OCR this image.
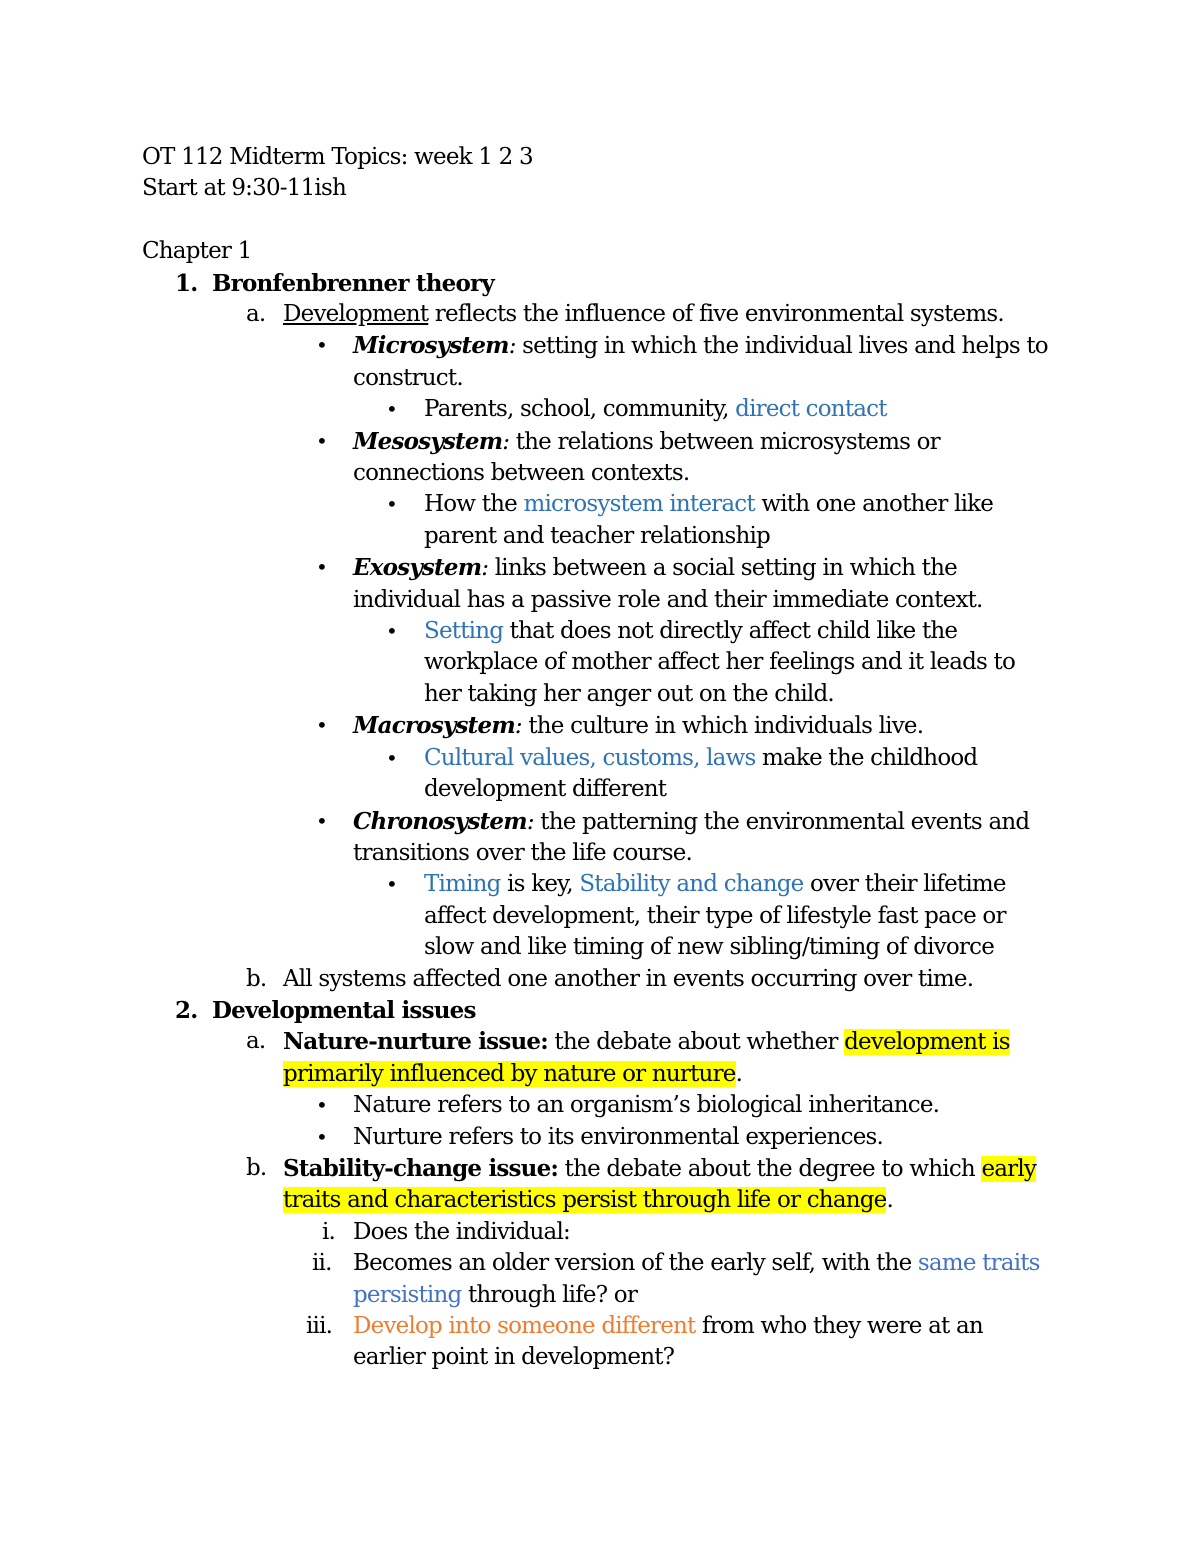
OT 112 Midterm Topics: week 1 2 3
Start at 9:30-11ish
Chapter 1
1. Bronfenbrenner theory
a. Development reflects the influence of five environmental systems.
• Microsystem: setting in which the individual lives and helps to
construct.
• Parents, school, community, direct contact
• Mesosystem: the relations between microsystems or
connections between contexts.
• How the microsystem interact with one another like
parent and teacher relationship
• Exosystem: links between a social setting in which the
individual has a passive role and their immediate context.
• Setting that does not directly affect child like the
workplace of mother affect her feelings and it leads to
her taking her anger out on the child.
• Macrosystem: the culture in which individuals live.
• Cultural values, customs, laws make the childhood
development different
• Chronosystem: the patterning the environmental events and
transitions over the life course.
• Timing is key, Stability and change over their lifetime
affect development, their type of lifestyle fast pace or
slow and like timing of new sibling/timing of divorce
b. All systems affected one another in events occurring over time.
2. Developmental issues
a. Nature-nurture issue: the debate about whether development is
primarily influenced by nature or nurture.
• Nature refers to an organism’s biological inheritance.
• Nurture refers to its environmental experiences.
b. Stability-change issue: the debate about the degree to which early
traits and characteristics persist through life or change.
i. Does the individual:
ii. Becomes an older version of the early self, with the same traits
persisting through life? or
iii. Develop into someone different from who they were at an
earlier point in development?
